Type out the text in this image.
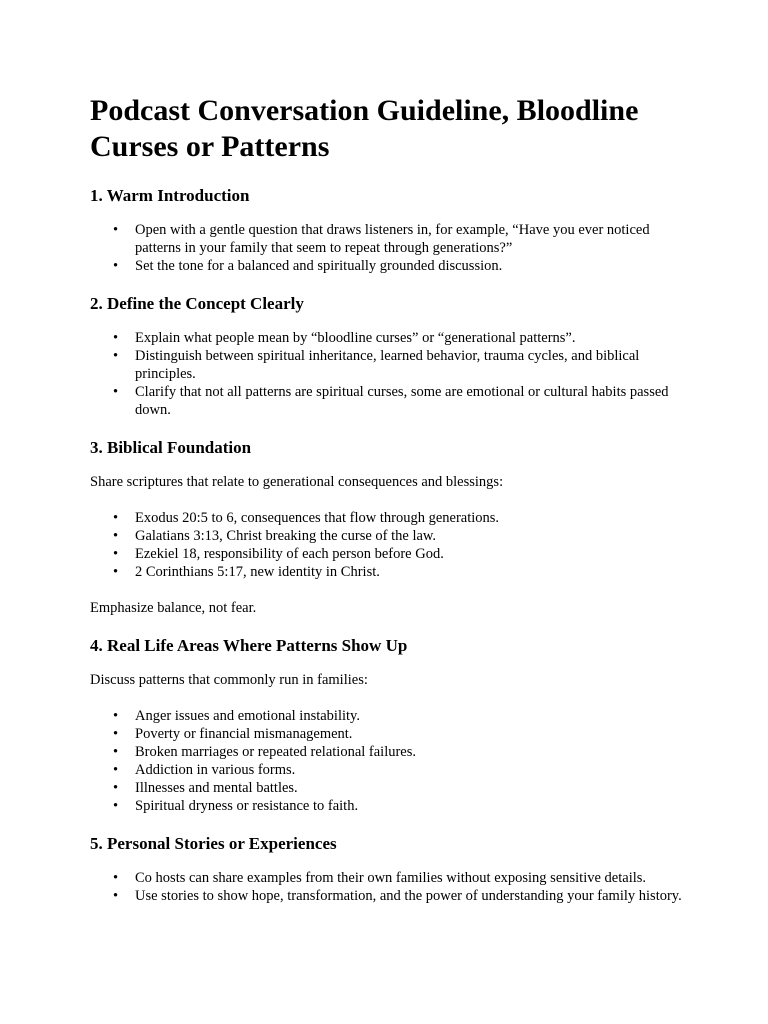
Podcast Conversation Guideline, Bloodline Curses or Patterns
1. Warm Introduction
• Open with a gentle question that draws listeners in, for example, “Have you ever noticed patterns in your family that seem to repeat through generations?”
• Set the tone for a balanced and spiritually grounded discussion.
2. Define the Concept Clearly
• Explain what people mean by “bloodline curses” or “generational patterns”.
• Distinguish between spiritual inheritance, learned behavior, trauma cycles, and biblical principles.
• Clarify that not all patterns are spiritual curses, some are emotional or cultural habits passed down.
3. Biblical Foundation

Share scriptures that relate to generational consequences and blessings:

• Exodus 20:5 to 6, consequences that flow through generations.
• Galatians 3:13, Christ breaking the curse of the law.
• Ezekiel 18, responsibility of each person before God.
• 2 Corinthians 5:17, new identity in Christ.

Emphasize balance, not fear.

4. Real Life Areas Where Patterns Show Up

Discuss patterns that commonly run in families:

• Anger issues and emotional instability.
• Poverty or financial mismanagement.
• Broken marriages or repeated relational failures.
• Addiction in various forms.
• Illnesses and mental battles.
• Spiritual dryness or resistance to faith.
5. Personal Stories or Experiences
• Co hosts can share examples from their own families without exposing sensitive details.
• Use stories to show hope, transformation, and the power of understanding your family history.
